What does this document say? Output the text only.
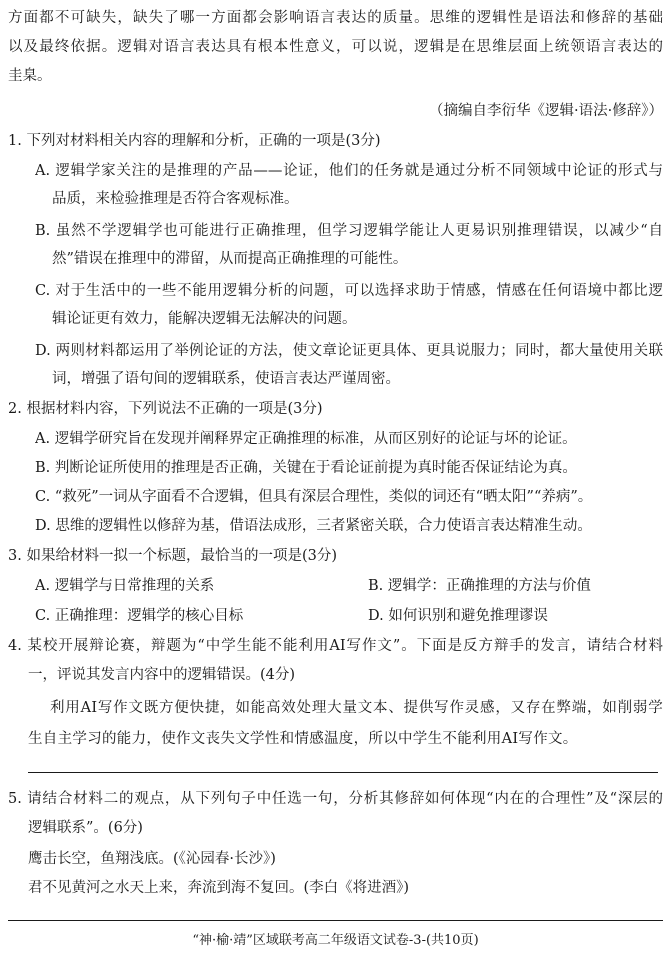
方面都不可缺失，缺失了哪一方面都会影响语言表达的质量。思维的逻辑性是语法和修辞的基础
以及最终依据。逻辑对语言表达具有根本性意义，可以说，逻辑是在思维层面上统领语言表达的
圭臬。
（摘编自李衍华《逻辑·语法·修辞》）
1. 下列对材料相关内容的理解和分析，正确的一项是(3分)
A. 逻辑学家关注的是推理的产品——论证，他们的任务就是通过分析不同领域中论证的形式与
品质，来检验推理是否符合客观标准。
B. 虽然不学逻辑学也可能进行正确推理，但学习逻辑学能让人更易识别推理错误，以减少“自
然”错误在推理中的滞留，从而提高正确推理的可能性。
C. 对于生活中的一些不能用逻辑分析的问题，可以选择求助于情感，情感在任何语境中都比逻
辑论证更有效力，能解决逻辑无法解决的问题。
D. 两则材料都运用了举例论证的方法，使文章论证更具体、更具说服力；同时，都大量使用关联
词，增强了语句间的逻辑联系，使语言表达严谨周密。
2. 根据材料内容，下列说法不正确的一项是(3分)
A. 逻辑学研究旨在发现并阐释界定正确推理的标准，从而区别好的论证与坏的论证。
B. 判断论证所使用的推理是否正确，关键在于看论证前提为真时能否保证结论为真。
C. “救死”一词从字面看不合逻辑，但具有深层合理性，类似的词还有“晒太阳”“养病”。
D. 思维的逻辑性以修辞为基，借语法成形，三者紧密关联，合力使语言表达精准生动。
3. 如果给材料一拟一个标题，最恰当的一项是(3分)
A. 逻辑学与日常推理的关系	B. 逻辑学：正确推理的方法与价值
C. 正确推理：逻辑学的核心目标	D. 如何识别和避免推理谬误
4. 某校开展辩论赛，辩题为“中学生能不能利用AI写作文”。下面是反方辩手的发言，请结合材料
一，评说其发言内容中的逻辑错误。(4分)
利用AI写作文既方便快捷，如能高效处理大量文本、提供写作灵感，又存在弊端，如削弱学
生自主学习的能力，使作文丧失文学性和情感温度，所以中学生不能利用AI写作文。
5. 请结合材料二的观点，从下列句子中任选一句，分析其修辞如何体现“内在的合理性”及“深层的
逻辑联系”。(6分)
鹰击长空，鱼翔浅底。(《沁园春·长沙》)
君不见黄河之水天上来，奔流到海不复回。(李白《将进酒》)
“神·榆·靖”区域联考高二年级语文试卷-3-(共10页)
